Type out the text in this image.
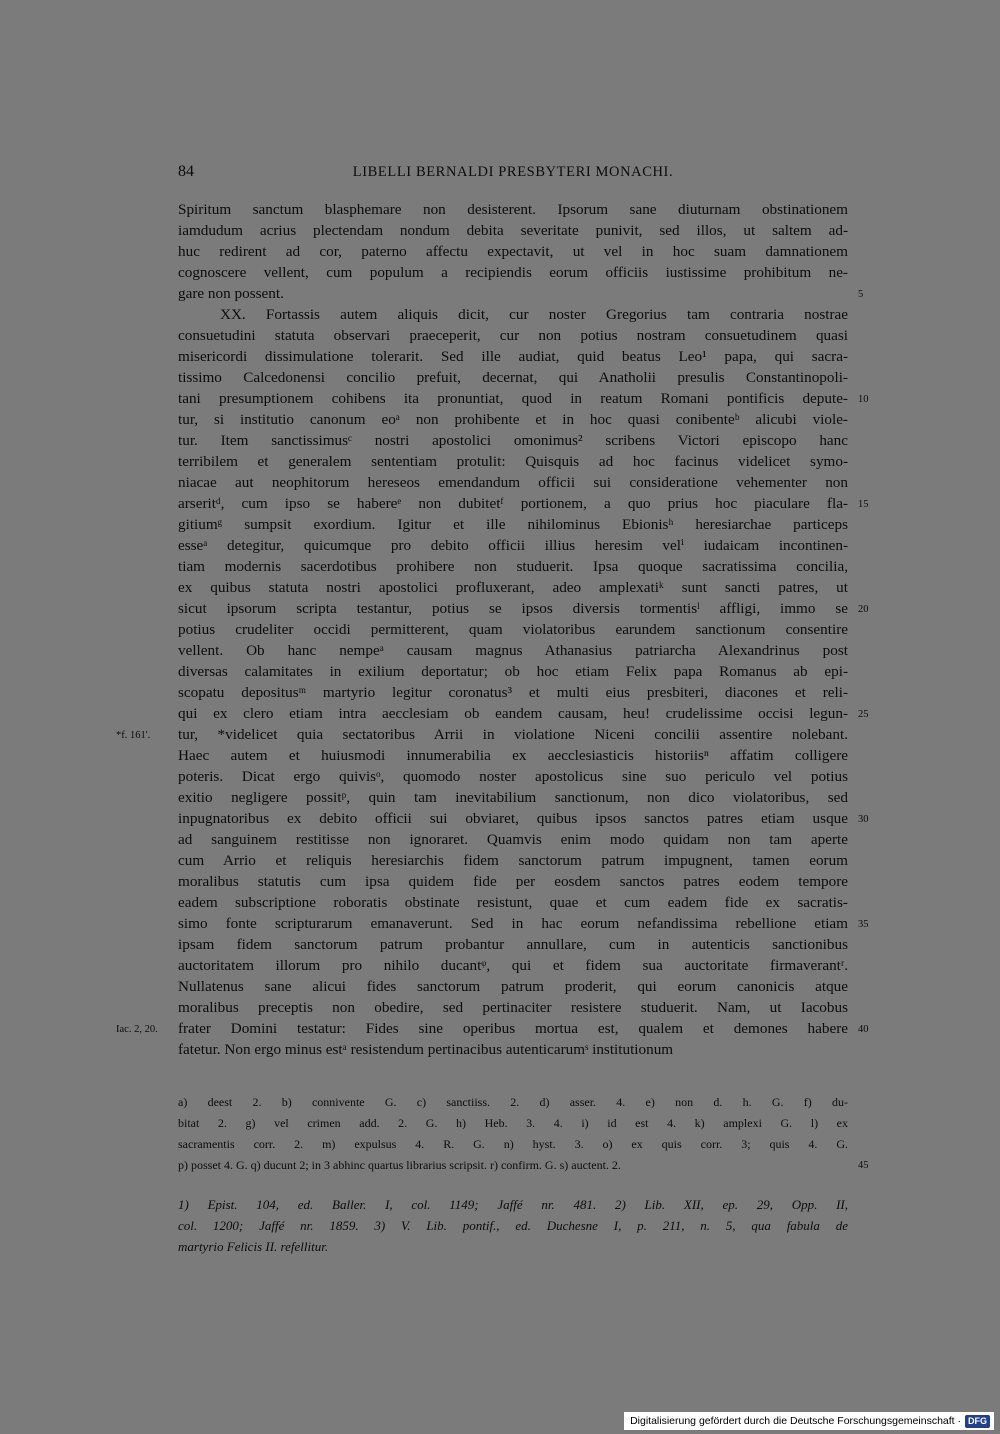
84	LIBELLI BERNALDI PRESBYTERI MONACHI.
Spiritum sanctum blasphemare non desisterent. Ipsorum sane diuturnam obstinationem
iamdudum acrius plectendam nondum debita severitate punivit, sed illos, ut saltem ad-
huc redirent ad cor, paterno affectu expectavit, ut vel in hoc suam damnationem
cognoscere vellent, cum populum a recipiendis eorum officiis iustissime prohibitum ne-
gare non possent.	5
XX. Fortassis autem aliquis dicit, cur noster Gregorius tam contraria nostrae
consuetudini statuta observari praeceperit, cur non potius nostram consuetudinem quasi
misericordi dissimulatione tolerarit. Sed ille audiat, quid beatus Leo¹ papa, qui sacra-
tissimo Calcedonensi concilio prefuit, decernat, qui Anatholii presulis Constantinopoli-
tani presumptionem cohibens ita pronuntiat, quod in reatum Romani pontificis depute- 10
tur, si institutio canonum eoᵃ non prohibente et in hoc quasi conibenteᵇ alicubi viole-
tur. Item sanctissimusᶜ nostri apostolici omonimus² scribens Victori episcopo hanc
terribilem et generalem sententiam protulit: Quisquis ad hoc facinus videlicet symo-
niacae aut neophitorum hereseos emendandum officii sui consideratione vehementer non
arseritᵈ, cum ipso se habereᵉ non dubitetᶠ portionem, a quo prius hoc piaculare fla- 15
gitiumᵍ sumpsit exordium. Igitur et ille nihilominus Ebionisʰ heresiarchae particeps
esseᵃ detegitur, quicumque pro debito officii illius heresim velⁱ iudaicam incontinen-
tiam modernis sacerdotibus prohibere non studuerit. Ipsa quoque sacratissima concilia,
ex quibus statuta nostri apostolici profluxerant, adeo amplexatiᵏ sunt sancti patres, ut
sicut ipsorum scripta testantur, potius se ipsos diversis tormentisˡ affligi, immo se 20
potius crudeliter occidi permitterent, quam violatoribus earundem sanctionum consentire
vellent. Ob hanc nempeᵃ causam magnus Athanasius patriarcha Alexandrinus post
diversas calamitates in exilium deportatur; ob hoc etiam Felix papa Romanus ab epi-
scopatu depositusᵐ martyrio legitur coronatus³ et multi eius presbiteri, diacones et reli-
qui ex clero etiam intra aecclesiam ob eandem causam, heu! crudelissime occisi legun- 25
tur, *videlicet quia sectatoribus Arrii in violatione Niceni concilii assentire nolebant.
*f. 161'.
Haec autem et huiusmodi innumerabilia ex aecclesiasticis historiisⁿ affatim colligere
poteris. Dicat ergo quivisᵒ, quomodo noster apostolicus sine suo periculo vel potius
exitio negligere possitᵖ, quin tam inevitabilium sanctionum, non dico violatoribus, sed
inpugnatoribus ex debito officii sui obviaret, quibus ipsos sanctos patres etiam usque 30
ad sanguinem restitisse non ignoraret. Quamvis enim modo quidam non tam aperte
cum Arrio et reliquis heresiarchis fidem sanctorum patrum impugnent, tamen eorum
moralibus statutis cum ipsa quidem fide per eosdem sanctos patres eodem tempore
eadem subscriptione roboratis obstinate resistunt, quae et cum eadem fide ex sacratis-
simo fonte scripturarum emanaverunt. Sed in hac eorum nefandissima rebellione etiam 35
ipsam fidem sanctorum patrum probantur annullare, cum in autenticis sanctionibus
auctoritatem illorum pro nihilo ducantᵠ, qui et fidem sua auctoritate firmaverantʳ.
Nullatenus sane alicui fides sanctorum patrum proderit, qui eorum canonicis atque
moralibus preceptis non obedire, sed pertinaciter resistere studuerit. Nam, ut Iacobus
frater Domini testatur: Fides sine operibus mortua est, qualem et demones habere 40
Iac. 2, 20.
fatetur. Non ergo minus estᵃ resistendum pertinacibus autenticarumˢ institutionum
a) deest 2. b) connivente G. c) sanctiiss. 2. d) asser. 4. e) non d. h. G. f) du-
bitat 2. g) vel crimen add. 2. G. h) Heb. 3. 4. i) id est 4. k) amplexi G. l) ex
sacramentis corr. 2. m) expulsus 4. R. G. n) hyst. 3. o) ex quis corr. 3; quis 4. G.
p) posset 4. G. q) ducunt 2; in 3 abhinc quartus librarius scripsit. r) confirm. G. s) auctent. 2.	45
1) Epist. 104, ed. Baller. I, col. 1149; Jaffé nr. 481. 2) Lib. XII, ep. 29, Opp. II,
col. 1200; Jaffé nr. 1859. 3) V. Lib. pontif., ed. Duchesne I, p. 211, n. 5, qua fabula de
martyrio Felicis II. refellitur.
Digitalisierung gefördert durch die Deutsche Forschungsgemeinschaft · DFG
